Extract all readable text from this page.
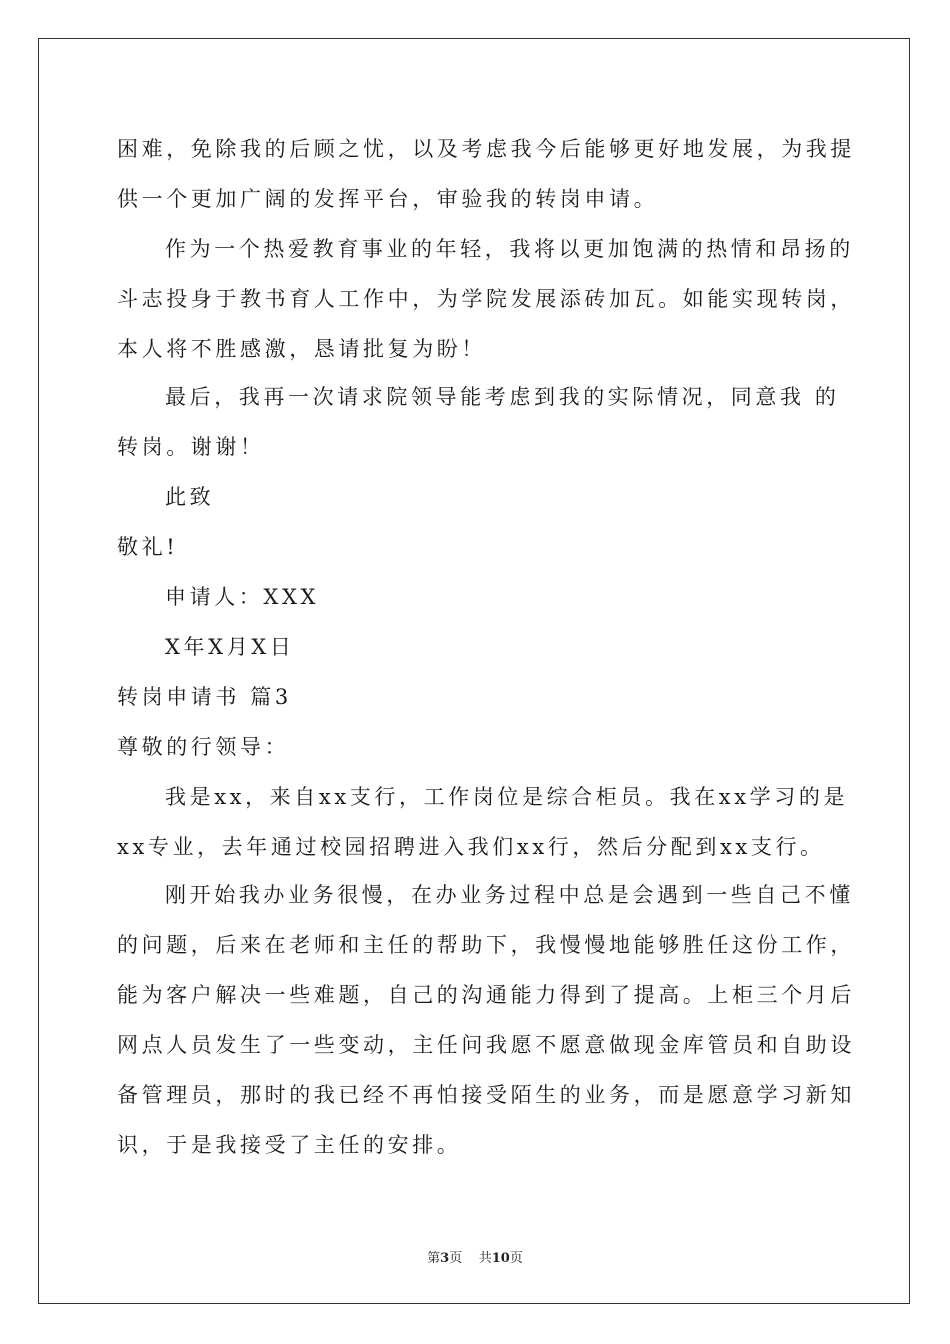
困难，免除我的后顾之忧，以及考虑我今后能够更好地发展，为我提

供一个更加广阔的发挥平台，审验我的转岗申请。

作为一个热爱教育事业的年轻，我将以更加饱满的热情和昂扬的

斗志投身于教书育人工作中，为学院发展添砖加瓦。如能实现转岗，

本人将不胜感激，恳请批复为盼！

最后，我再一次请求院领导能考虑到我的实际情况，同意我 的

转岗。谢谢！

此致

敬礼!

申请人：XXX

X年X月X日

转岗申请书 篇3

尊敬的行领导：

我是xx，来自xx支行，工作岗位是综合柜员。我在xx学习的是

xx专业，去年通过校园招聘进入我们xx行，然后分配到xx支行。

刚开始我办业务很慢，在办业务过程中总是会遇到一些自己不懂

的问题，后来在老师和主任的帮助下，我慢慢地能够胜任这份工作，

能为客户解决一些难题，自己的沟通能力得到了提高。上柜三个月后

网点人员发生了一些变动，主任问我愿不愿意做现金库管员和自助设

备管理员，那时的我已经不再怕接受陌生的业务，而是愿意学习新知

识，于是我接受了主任的安排。

第3页 共10页
